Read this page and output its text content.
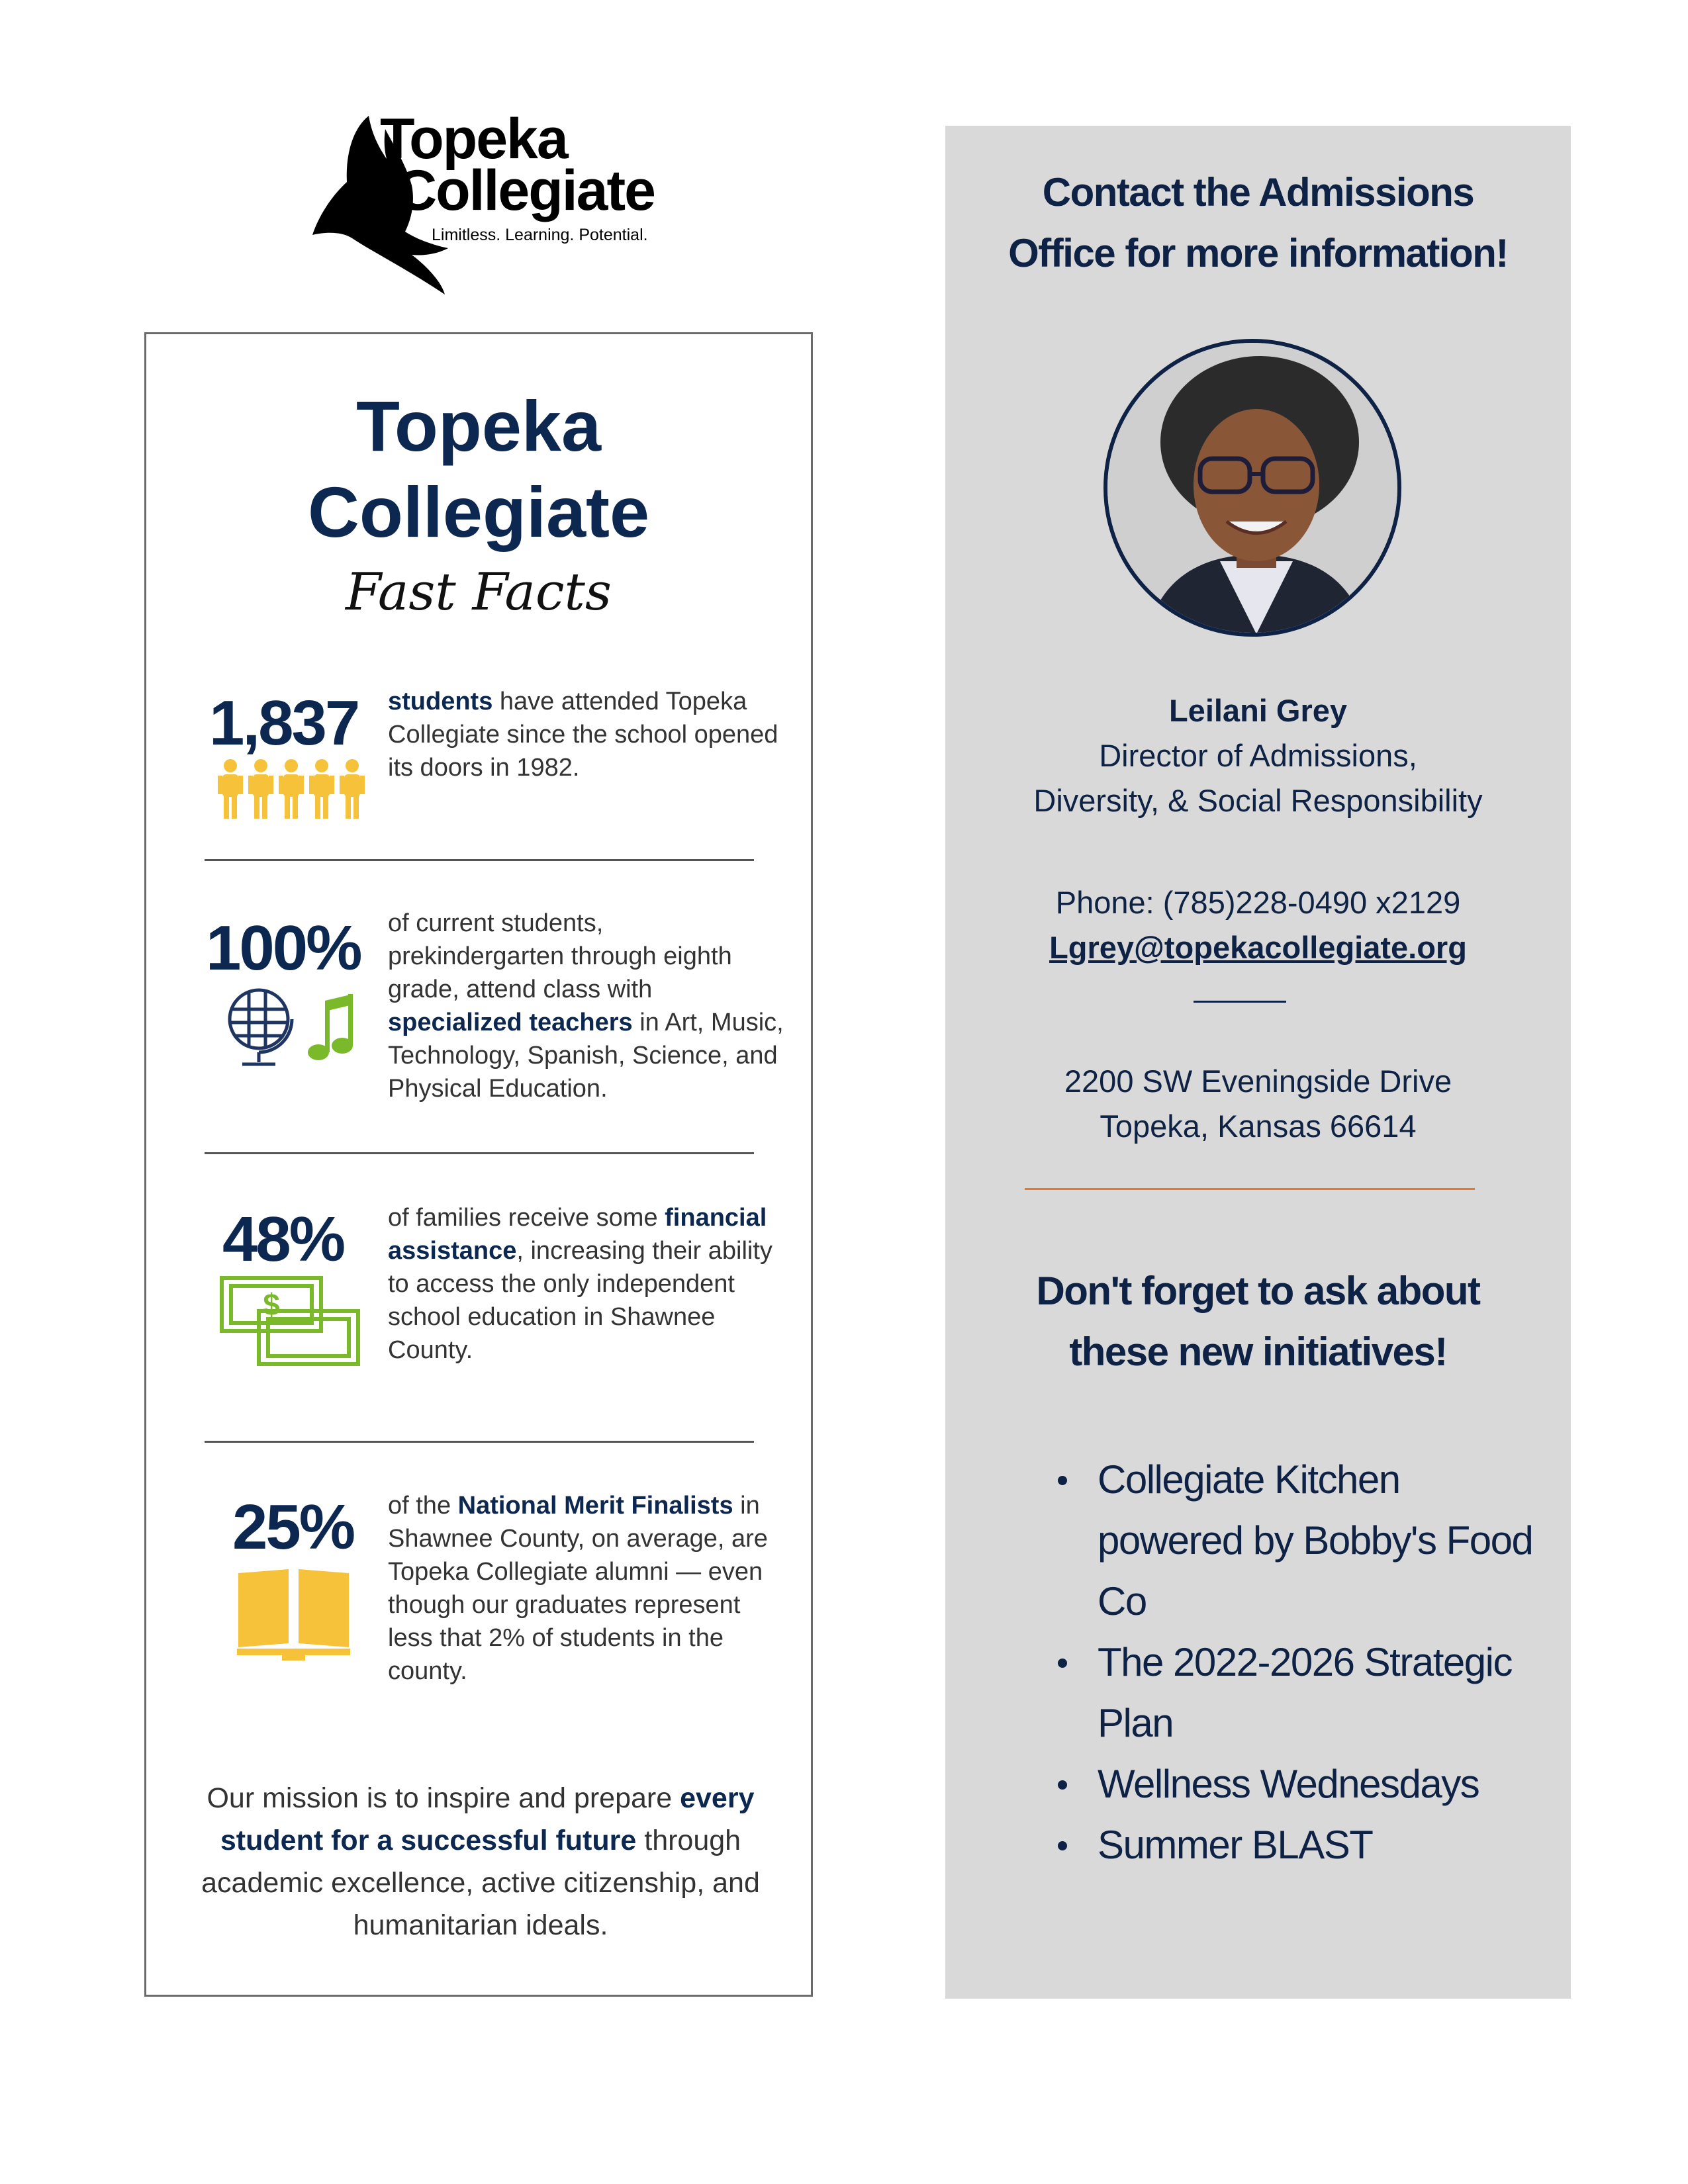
Topeka
Collegiate
Limitless. Learning. Potential.
Topeka
Collegiate
Fast Facts
1,837 students have attended Topeka Collegiate since the school opened its doors in 1982.
100% of current students, prekindergarten through eighth grade, attend class with specialized teachers in Art, Music, Technology, Spanish, Science, and Physical Education.
48%
$
of families receive some financial assistance, increasing their ability to access the only independent school education in Shawnee County.
25% of the National Merit Finalists in Shawnee County, on average, are Topeka Collegiate alumni — even though our graduates represent less that 2% of students in the county.
Our mission is to inspire and prepare every student for a successful future through academic excellence, active citizenship, and humanitarian ideals.
Contact the Admissions
Office for more information!
Leilani Grey
Director of Admissions,
Diversity, & Social Responsibility
Phone: (785)228-0490 x2129
Lgrey@topekacollegiate.org
2200 SW Eveningside Drive
Topeka, Kansas 66614
Don't forget to ask about
these new initiatives!
Collegiate Kitchen powered by Bobby's Food Co
The 2022-2026 Strategic Plan
Wellness Wednesdays
Summer BLAST
